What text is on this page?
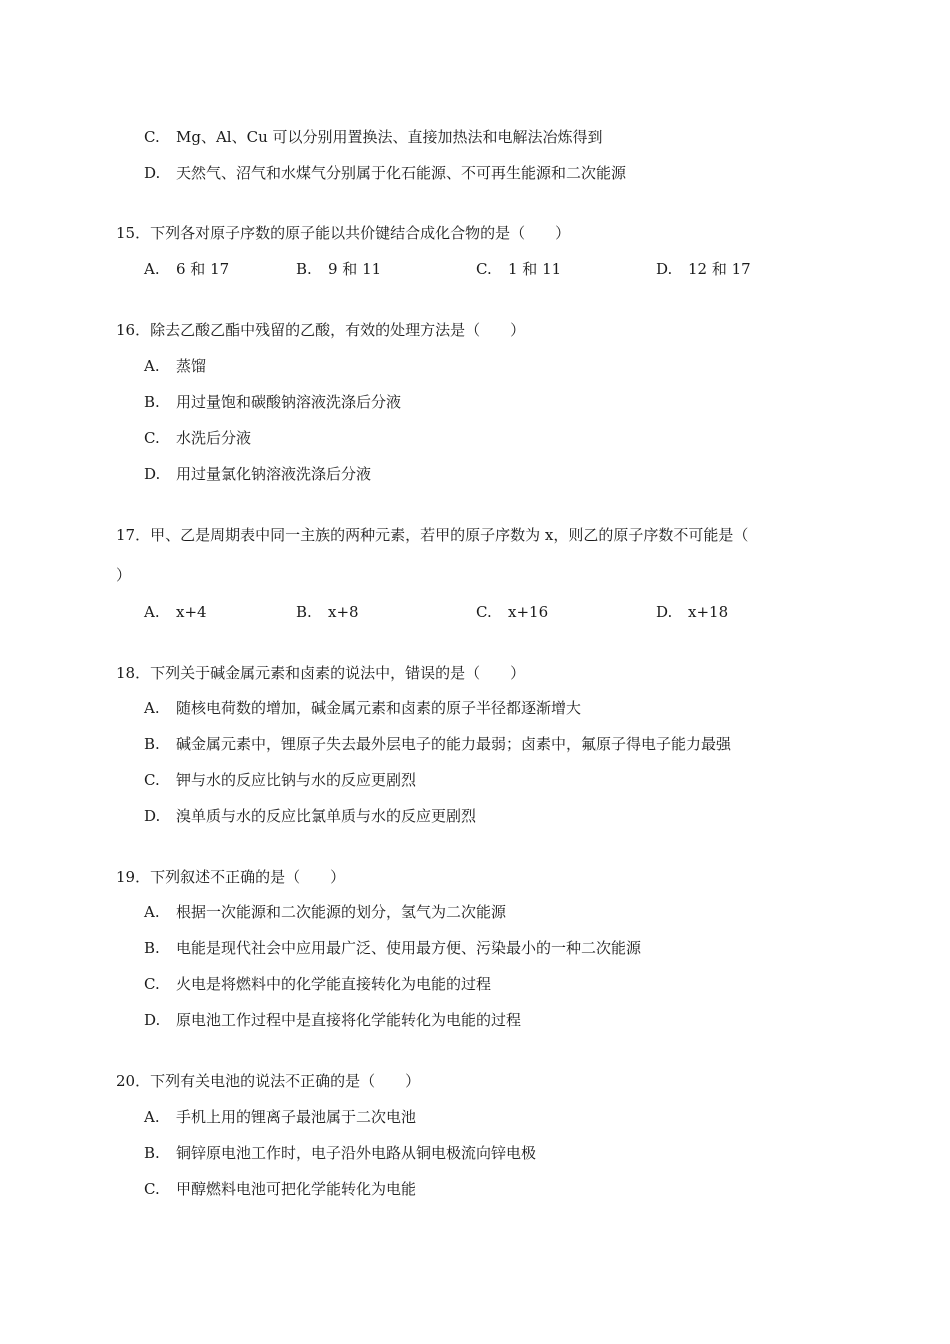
C. Mg、Al、Cu 可以分别用置换法、直接加热法和电解法冶炼得到
D. 天然气、沼气和水煤气分别属于化石能源、不可再生能源和二次能源
15．下列各对原子序数的原子能以共价键结合成化合物的是（　　）
A. 6 和 17	B. 9 和 11	C. 1 和 11	D. 12 和 17
16．除去乙酸乙酯中残留的乙酸，有效的处理方法是（　　）
A. 蒸馏
B. 用过量饱和碳酸钠溶液洗涤后分液
C. 水洗后分液
D. 用过量氯化钠溶液洗涤后分液
17．甲、乙是周期表中同一主族的两种元素，若甲的原子序数为 x，则乙的原子序数不可能是（
）
A. x+4	B. x+8	C. x+16	D. x+18
18．下列关于碱金属元素和卤素的说法中，错误的是（　　）
A. 随核电荷数的增加，碱金属元素和卤素的原子半径都逐渐增大
B. 碱金属元素中，锂原子失去最外层电子的能力最弱；卤素中，氟原子得电子能力最强
C. 钾与水的反应比钠与水的反应更剧烈
D. 溴单质与水的反应比氯单质与水的反应更剧烈
19．下列叙述不正确的是（　　）
A. 根据一次能源和二次能源的划分，氢气为二次能源
B. 电能是现代社会中应用最广泛、使用最方便、污染最小的一种二次能源
C. 火电是将燃料中的化学能直接转化为电能的过程
D. 原电池工作过程中是直接将化学能转化为电能的过程
20．下列有关电池的说法不正确的是（　　）
A. 手机上用的锂离子最池属于二次电池
B. 铜锌原电池工作时，电子沿外电路从铜电极流向锌电极
C. 甲醇燃料电池可把化学能转化为电能
